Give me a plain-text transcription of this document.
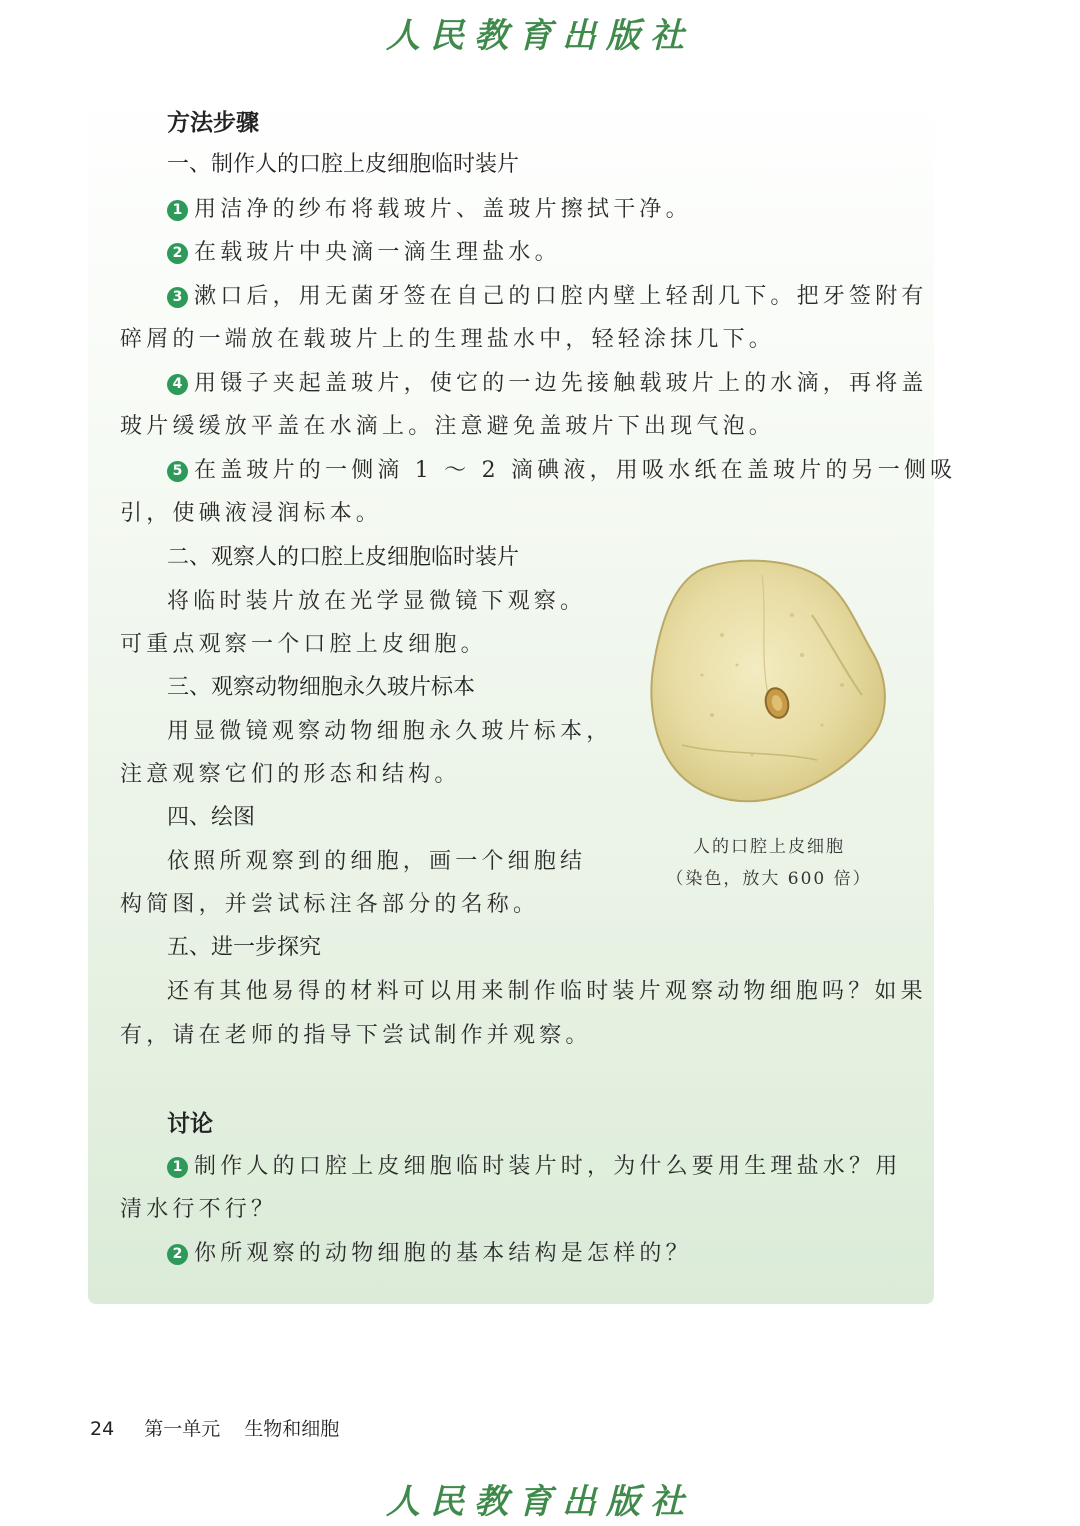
人民教育出版社
方法步骤
一、制作人的口腔上皮细胞临时装片
1 用洁净的纱布将载玻片、盖玻片擦拭干净。
2 在载玻片中央滴一滴生理盐水。
3 漱口后，用无菌牙签在自己的口腔内壁上轻刮几下。把牙签附有
碎屑的一端放在载玻片上的生理盐水中，轻轻涂抹几下。
4 用镊子夹起盖玻片，使它的一边先接触载玻片上的水滴，再将盖
玻片缓缓放平盖在水滴上。注意避免盖玻片下出现气泡。
5 在盖玻片的一侧滴 1 ～ 2 滴碘液，用吸水纸在盖玻片的另一侧吸
引，使碘液浸润标本。
二、观察人的口腔上皮细胞临时装片
将临时装片放在光学显微镜下观察。
可重点观察一个口腔上皮细胞。
三、观察动物细胞永久玻片标本
用显微镜观察动物细胞永久玻片标本，
注意观察它们的形态和结构。
四、绘图
依照所观察到的细胞，画一个细胞结
构简图，并尝试标注各部分的名称。
五、进一步探究
还有其他易得的材料可以用来制作临时装片观察动物细胞吗？如果
有，请在老师的指导下尝试制作并观察。
人的口腔上皮细胞
（染色，放大 600 倍）
讨论
1 制作人的口腔上皮细胞临时装片时，为什么要用生理盐水？用
清水行不行？
2 你所观察的动物细胞的基本结构是怎样的？
24 第一单元 生物和细胞
人民教育出版社
